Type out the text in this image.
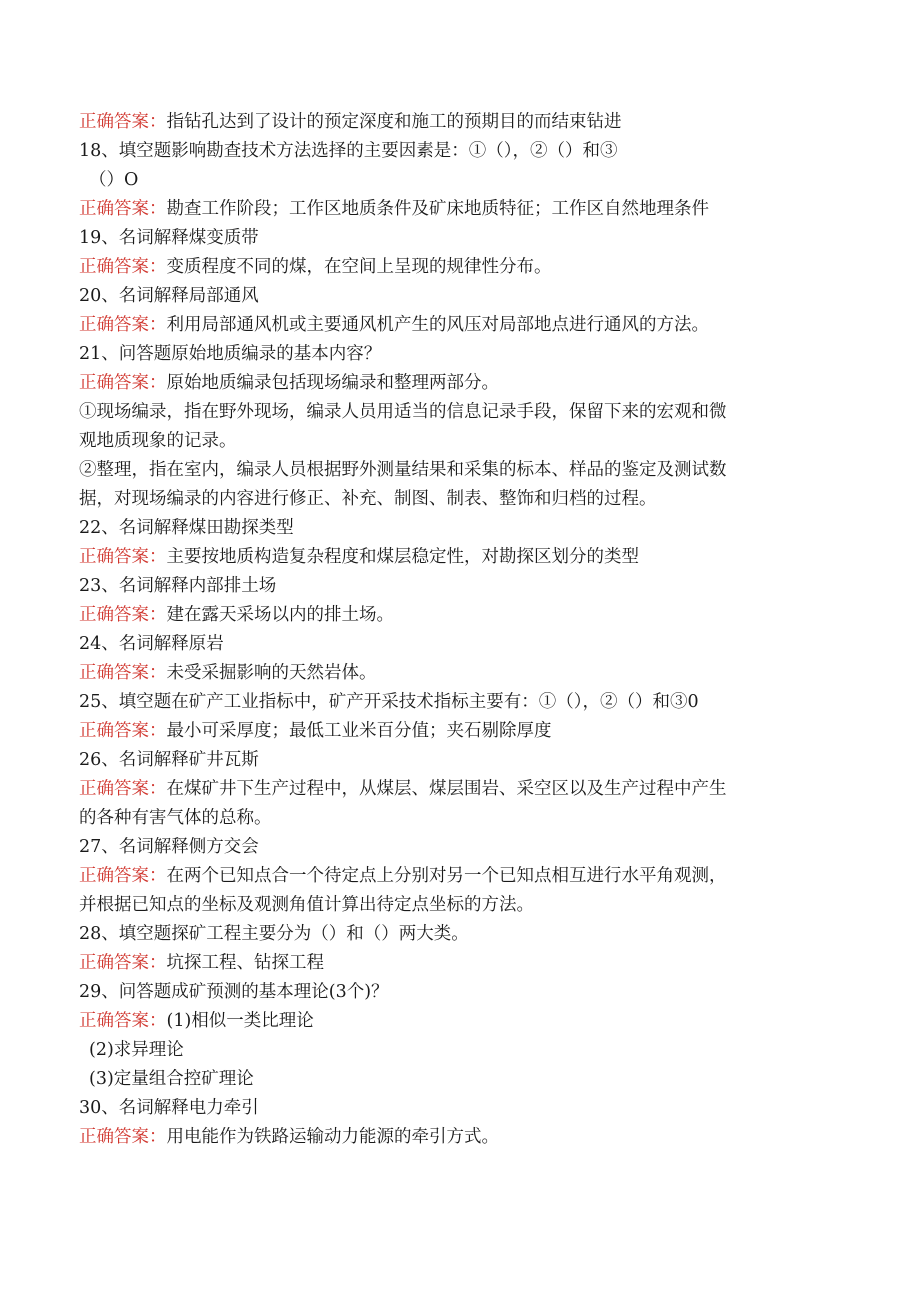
正确答案：指钻孔达到了设计的预定深度和施工的预期目的而结束钻进
18、填空题影响勘查技术方法选择的主要因素是：①（），②（）和③
（）O
正确答案：勘查工作阶段；工作区地质条件及矿床地质特征；工作区自然地理条件
19、名词解释煤变质带
正确答案：变质程度不同的煤，在空间上呈现的规律性分布。
20、名词解释局部通风
正确答案：利用局部通风机或主要通风机产生的风压对局部地点进行通风的方法。
21、问答题原始地质编录的基本内容？
正确答案：原始地质编录包括现场编录和整理两部分。
①现场编录，指在野外现场，编录人员用适当的信息记录手段，保留下来的宏观和微
观地质现象的记录。
②整理，指在室内，编录人员根据野外测量结果和采集的标本、样品的鉴定及测试数
据，对现场编录的内容进行修正、补充、制图、制表、整饰和归档的过程。
22、名词解释煤田勘探类型
正确答案：主要按地质构造复杂程度和煤层稳定性，对勘探区划分的类型
23、名词解释内部排土场
正确答案：建在露天采场以内的排土场。
24、名词解释原岩
正确答案：未受采掘影响的天然岩体。
25、填空题在矿产工业指标中，矿产开采技术指标主要有：①（），②（）和③0
正确答案：最小可采厚度；最低工业米百分值；夹石剔除厚度
26、名词解释矿井瓦斯
正确答案：在煤矿井下生产过程中，从煤层、煤层围岩、采空区以及生产过程中产生
的各种有害气体的总称。
27、名词解释侧方交会
正确答案：在两个已知点合一个待定点上分别对另一个已知点相互进行水平角观测，
并根据已知点的坐标及观测角值计算出待定点坐标的方法。
28、填空题探矿工程主要分为（）和（）两大类。
正确答案：坑探工程、钻探工程
29、问答题成矿预测的基本理论(3个)？
正确答案：(1)相似一类比理论
(2)求异理论
(3)定量组合控矿理论
30、名词解释电力牵引
正确答案：用电能作为铁路运输动力能源的牵引方式。
